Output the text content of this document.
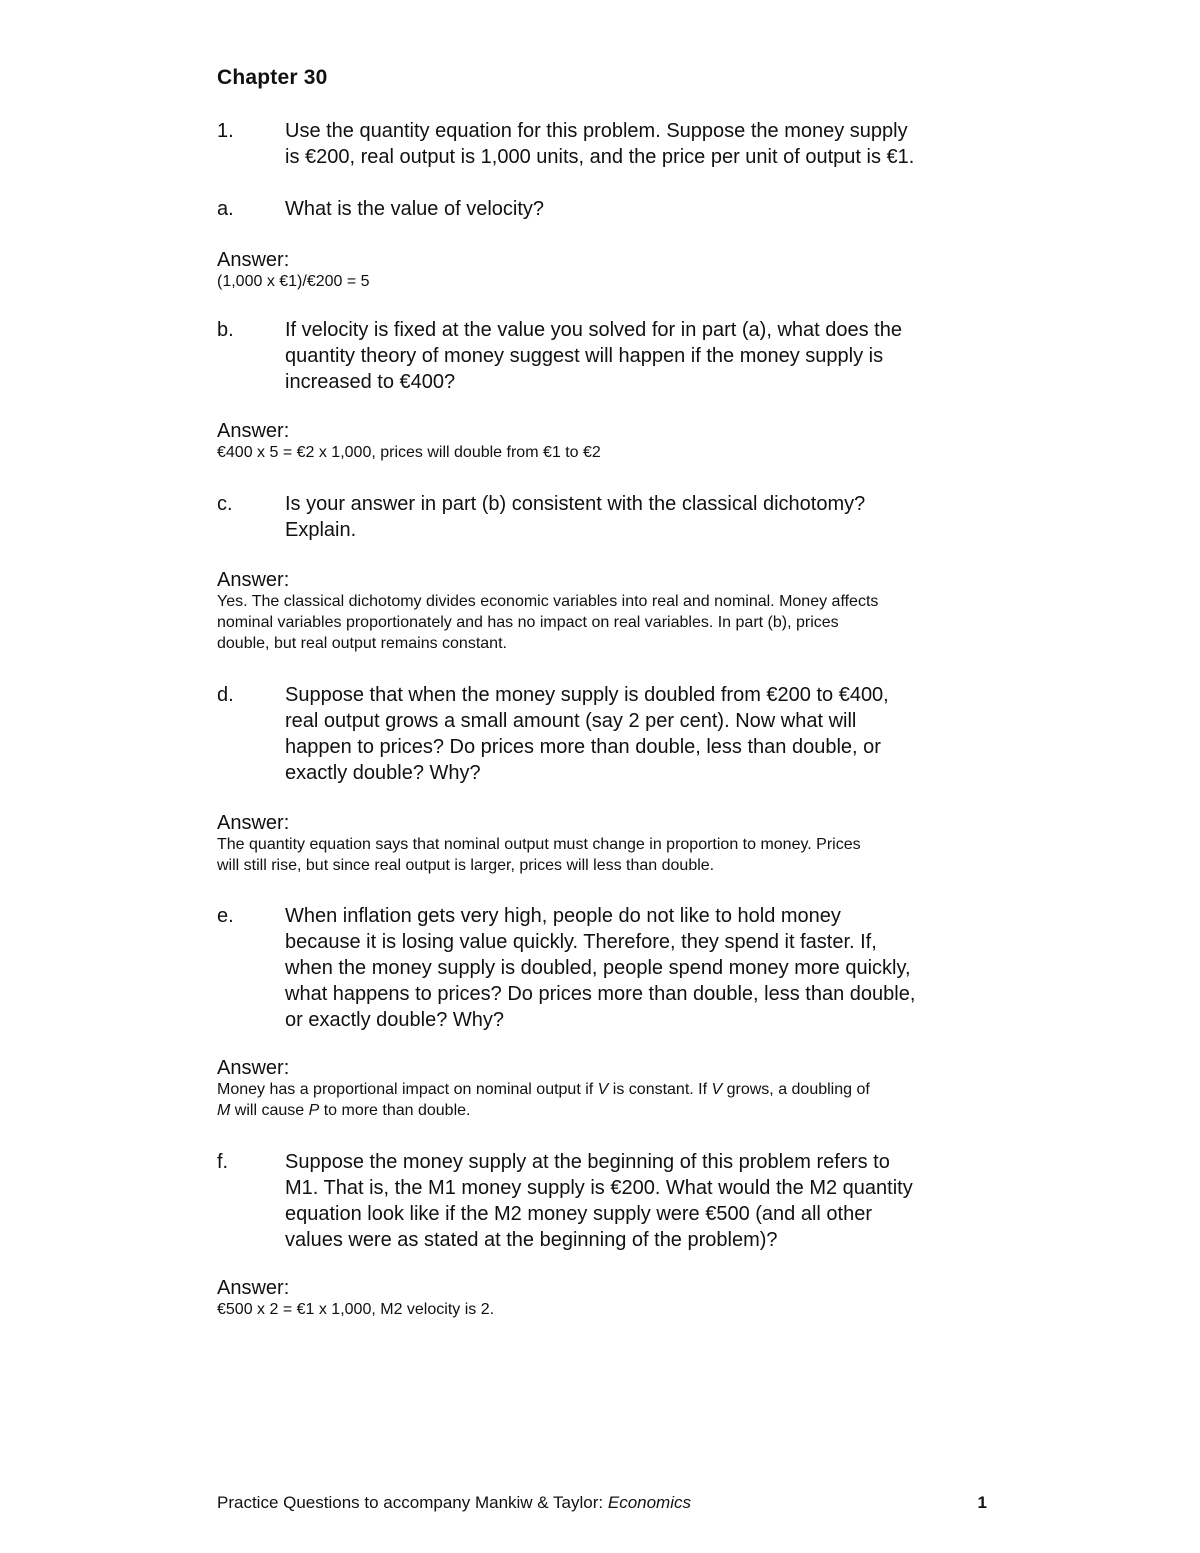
Chapter 30
1.	Use the quantity equation for this problem. Suppose the money supply
is €200, real output is 1,000 units, and the price per unit of output is €1.
a.	What is the value of velocity?
Answer:
(1,000 x €1)/€200 = 5
b.	If velocity is fixed at the value you solved for in part (a), what does the
quantity theory of money suggest will happen if the money supply is
increased to €400?
Answer:
€400 x 5 = €2 x 1,000, prices will double from €1 to €2
c.	Is your answer in part (b) consistent with the classical dichotomy?
Explain.
Answer:
Yes. The classical dichotomy divides economic variables into real and nominal. Money affects
nominal variables proportionately and has no impact on real variables. In part (b), prices
double, but real output remains constant.
d.	Suppose that when the money supply is doubled from €200 to €400,
real output grows a small amount (say 2 per cent). Now what will
happen to prices? Do prices more than double, less than double, or
exactly double? Why?
Answer:
The quantity equation says that nominal output must change in proportion to money. Prices
will still rise, but since real output is larger, prices will less than double.
e.	When inflation gets very high, people do not like to hold money
because it is losing value quickly. Therefore, they spend it faster. If,
when the money supply is doubled, people spend money more quickly,
what happens to prices? Do prices more than double, less than double,
or exactly double? Why?
Answer:
Money has a proportional impact on nominal output if V is constant. If V grows, a doubling of
M will cause P to more than double.
f.	Suppose the money supply at the beginning of this problem refers to
M1. That is, the M1 money supply is €200. What would the M2 quantity
equation look like if the M2 money supply were €500 (and all other
values were as stated at the beginning of the problem)?
Answer:
€500 x 2 = €1 x 1,000, M2 velocity is 2.
Practice Questions to accompany Mankiw & Taylor: Economics	1
